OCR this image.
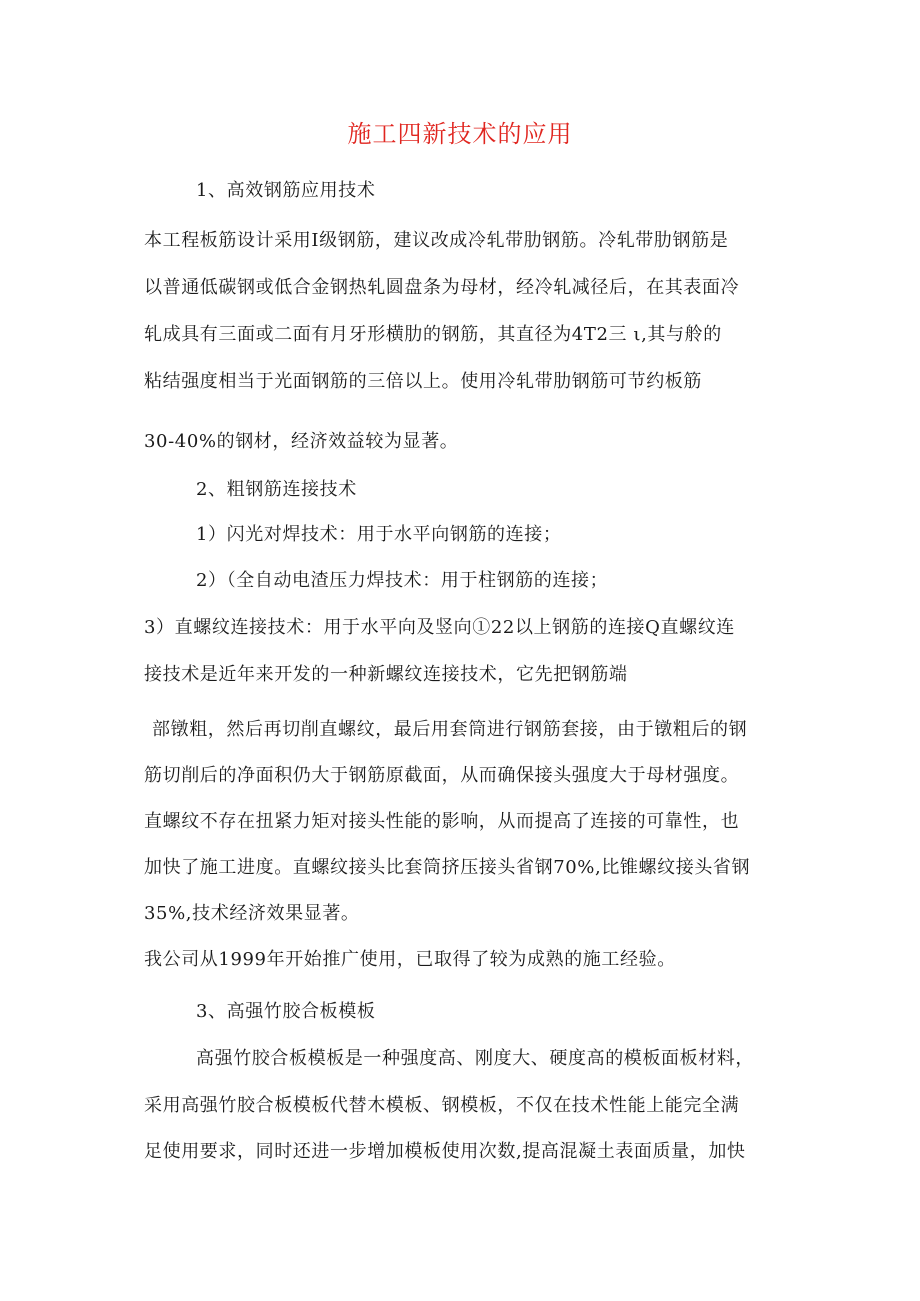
施工四新技术的应用
1、高效钢筋应用技术
本工程板筋设计采用Ⅰ级钢筋，建议改成冷轧带肋钢筋。冷轧带肋钢筋是
以普通低碳钢或低合金钢热轧圆盘条为母材，经冷轧减径后，在其表面冷
轧成具有三面或二面有月牙形横肋的钢筋，其直径为4T2三 ι,其与舲的
粘结强度相当于光面钢筋的三倍以上。使用冷轧带肋钢筋可节约板筋
30-40%的钢材，经济效益较为显著。
2、粗钢筋连接技术
1）闪光对焊技术：用于水平向钢筋的连接；
2）（全自动电渣压力焊技术：用于柱钢筋的连接；
3）直螺纹连接技术：用于水平向及竖向①22以上钢筋的连接Q直螺纹连
接技术是近年来开发的一种新螺纹连接技术，它先把钢筋端
部镦粗，然后再切削直螺纹，最后用套筒进行钢筋套接，由于镦粗后的钢
筋切削后的净面积仍大于钢筋原截面，从而确保接头强度大于母材强度。
直螺纹不存在扭紧力矩对接头性能的影响，从而提高了连接的可靠性，也
加快了施工进度。直螺纹接头比套筒挤压接头省钢70%,比锥螺纹接头省钢
35%,技术经济效果显著。
我公司从1999年开始推广使用，已取得了较为成熟的施工经验。
3、高强竹胶合板模板
高强竹胶合板模板是一种强度高、刚度大、硬度高的模板面板材料，
采用高强竹胶合板模板代替木模板、钢模板，不仅在技术性能上能完全满
足使用要求，同时还进一步增加模板使用次数,提高混凝土表面质量，加快
